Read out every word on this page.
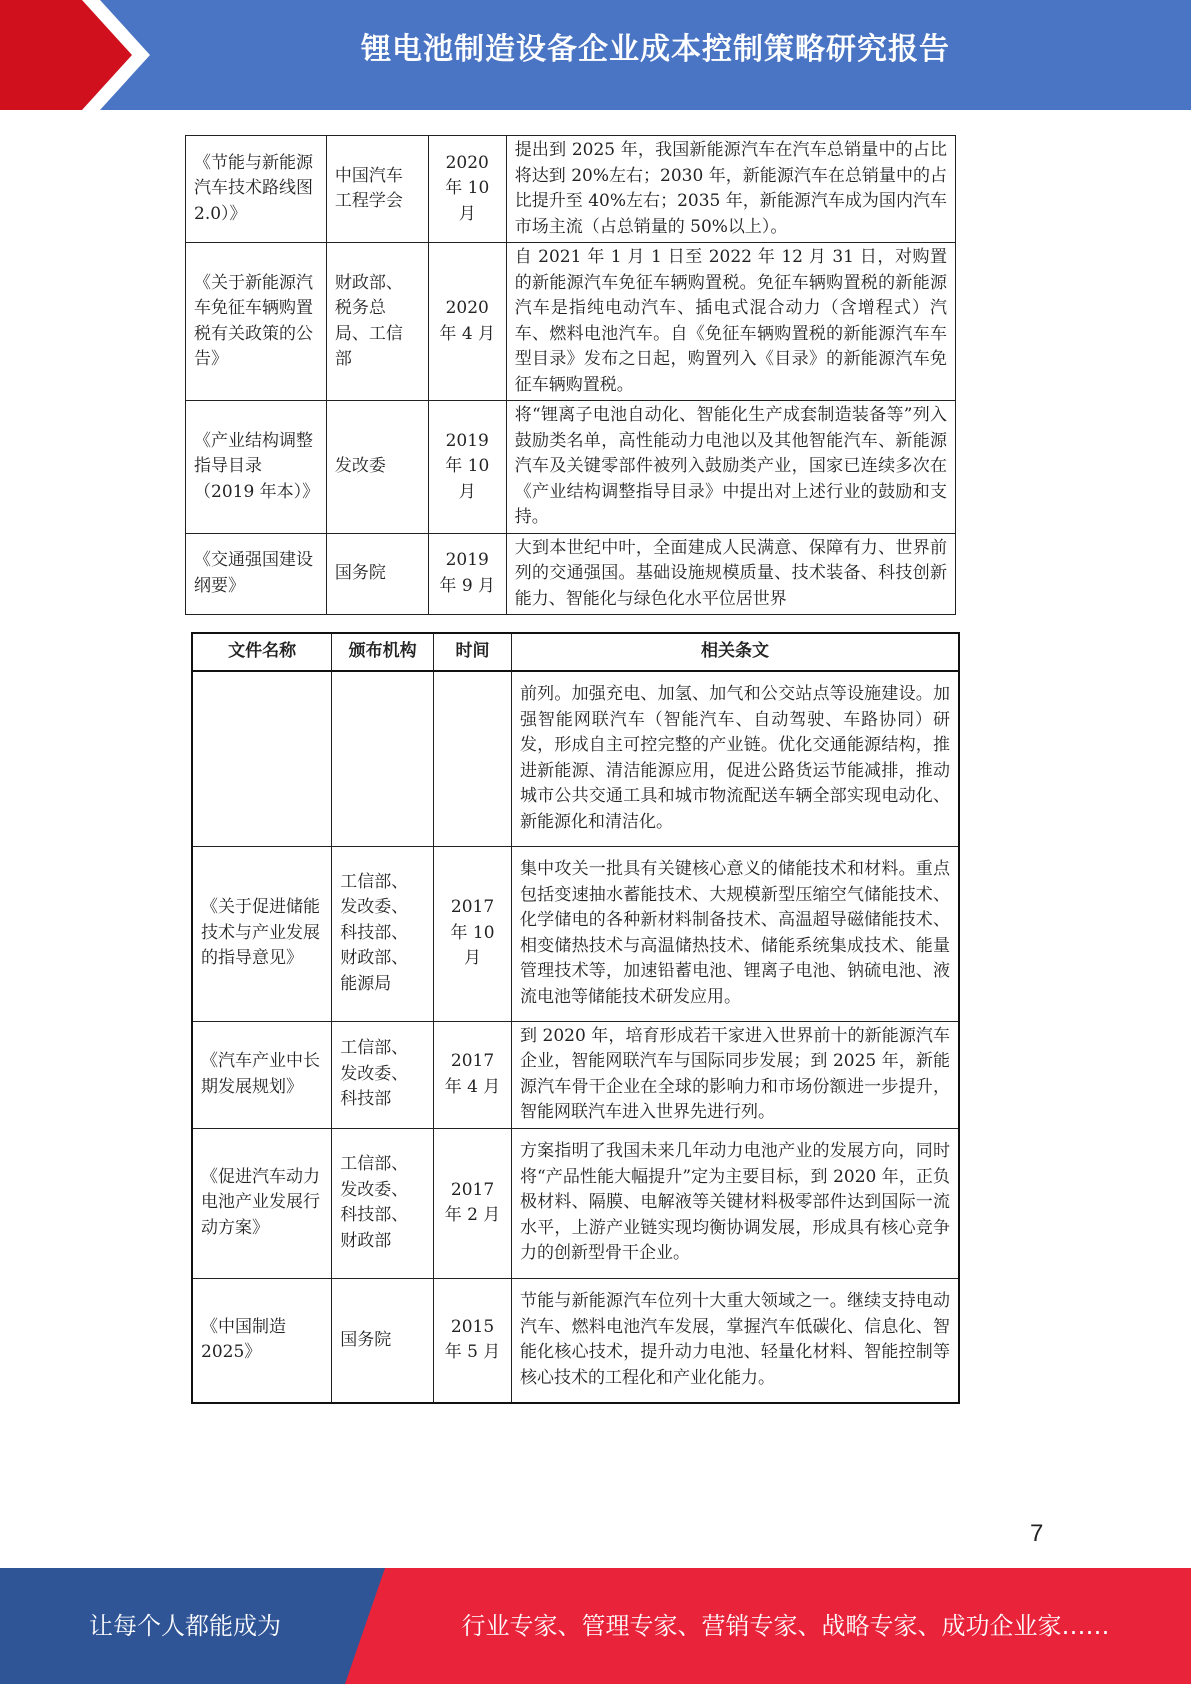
锂电池制造设备企业成本控制策略研究报告
《节能与新能源汽车技术路线图 2.0）》	中国汽车工程学会	2020 年 10 月	提出到 2025 年，我国新能源汽车在汽车总销量中的占比将达到 20%左右；2030 年，新能源汽车在总销量中的占比提升至 40%左右；2035 年，新能源汽车成为国内汽车市场主流（占总销量的 50%以上）。
《关于新能源汽车免征车辆购置税有关政策的公告》	财政部、税务总局、工信部	2020 年 4 月	自 2021 年 1 月 1 日至 2022 年 12 月 31 日，对购置的新能源汽车免征车辆购置税。免征车辆购置税的新能源汽车是指纯电动汽车、插电式混合动力（含增程式）汽车、燃料电池汽车。自《免征车辆购置税的新能源汽车车型目录》发布之日起，购置列入《目录》的新能源汽车免征车辆购置税。
《产业结构调整指导目录（2019 年本）》	发改委	2019 年 10 月	将“锂离子电池自动化、智能化生产成套制造装备等”列入鼓励类名单，高性能动力电池以及其他智能汽车、新能源汽车及关键零部件被列入鼓励类产业，国家已连续多次在《产业结构调整指导目录》中提出对上述行业的鼓励和支持。
《交通强国建设纲要》	国务院	2019 年 9 月	大到本世纪中叶，全面建成人民满意、保障有力、世界前列的交通强国。基础设施规模质量、技术装备、科技创新能力、智能化与绿色化水平位居世界
文件名称	颁布机构	时间	相关条文
			前列。加强充电、加氢、加气和公交站点等设施建设。加强智能网联汽车（智能汽车、自动驾驶、车路协同）研发，形成自主可控完整的产业链。优化交通能源结构，推进新能源、清洁能源应用，促进公路货运节能减排，推动城市公共交通工具和城市物流配送车辆全部实现电动化、新能源化和清洁化。
《关于促进储能技术与产业发展的指导意见》	工信部、发改委、科技部、财政部、能源局	2017 年 10 月	集中攻关一批具有关键核心意义的储能技术和材料。重点包括变速抽水蓄能技术、大规模新型压缩空气储能技术、化学储电的各种新材料制备技术、高温超导磁储能技术、相变储热技术与高温储热技术、储能系统集成技术、能量管理技术等，加速铅蓄电池、锂离子电池、钠硫电池、液流电池等储能技术研发应用。
《汽车产业中长期发展规划》	工信部、发改委、科技部	2017 年 4 月	到 2020 年，培育形成若干家进入世界前十的新能源汽车企业，智能网联汽车与国际同步发展；到 2025 年，新能源汽车骨干企业在全球的影响力和市场份额进一步提升，智能网联汽车进入世界先进行列。
《促进汽车动力电池产业发展行动方案》	工信部、发改委、科技部、财政部	2017 年 2 月	方案指明了我国未来几年动力电池产业的发展方向，同时将“产品性能大幅提升”定为主要目标，到 2020 年，正负极材料、隔膜、电解液等关键材料极零部件达到国际一流水平，上游产业链实现均衡协调发展，形成具有核心竞争力的创新型骨干企业。
《中国制造 2025》	国务院	2015 年 5 月	节能与新能源汽车位列十大重大领域之一。继续支持电动汽车、燃料电池汽车发展，掌握汽车低碳化、信息化、智能化核心技术，提升动力电池、轻量化材料、智能控制等核心技术的工程化和产业化能力。
7
让每个人都能成为	行业专家、管理专家、营销专家、战略专家、成功企业家……
